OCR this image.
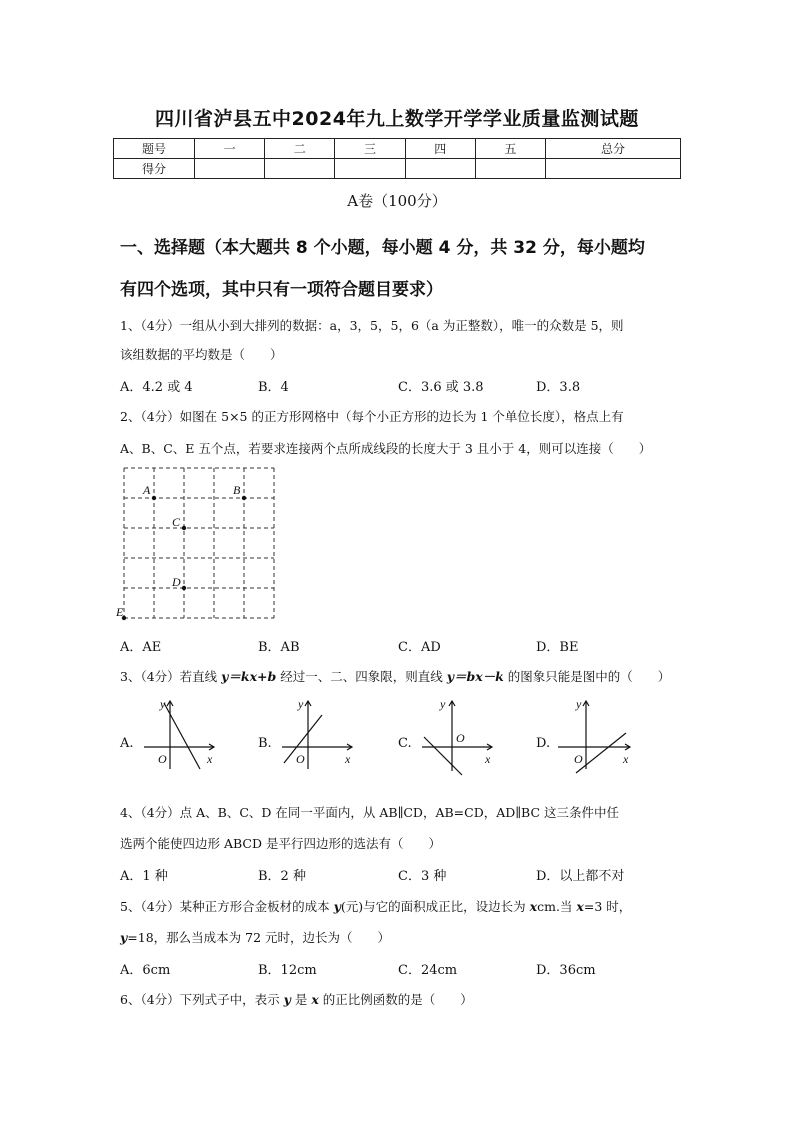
四川省泸县五中2024年九上数学开学学业质量监测试题
题号	一	二	三	四	五	总分
得分						
A卷（100分）
一、选择题（本大题共 8 个小题，每小题 4 分，共 32 分，每小题均
有四个选项，其中只有一项符合题目要求）
1、（4分）一组从小到大排列的数据：a，3，5，5，6（a 为正整数），唯一的众数是 5，则
该组数据的平均数是（　　）
A．4.2 或 4	B．4	C．3.6 或 3.8	D．3.8
2、（4分）如图在 5×5 的正方形网格中（每个小正方形的边长为 1 个单位长度），格点上有
A、B、C、E 五个点，若要求连接两个点所成线段的长度大于 3 且小于 4，则可以连接（　　）
A	B
C
D
E
A．AE	B．AB	C．AD	D．BE
3、（4分）若直线 y＝kx+b 经过一、二、四象限，则直线 y＝bx－k 的图象只能是图中的（　　）
A.
y
x
O
B.
y
x
O
C.
y
x
O	D.
y
x
O
4、（4分）点 A、B、C、D 在同一平面内，从 AB∥CD，AB=CD，AD∥BC 这三条件中任
选两个能使四边形 ABCD 是平行四边形的选法有（　　）
A．1 种	B．2 种	C．3 种	D．以上都不对
5、（4分）某种正方形合金板材的成本 y(元)与它的面积成正比，设边长为 xcm.当 x=3 时，
y=18，那么当成本为 72 元时，边长为（　　）
A．6cm	B．12cm	C．24cm	D．36cm
6、（4分）下列式子中，表示 y 是 x 的正比例函数的是（　　）
